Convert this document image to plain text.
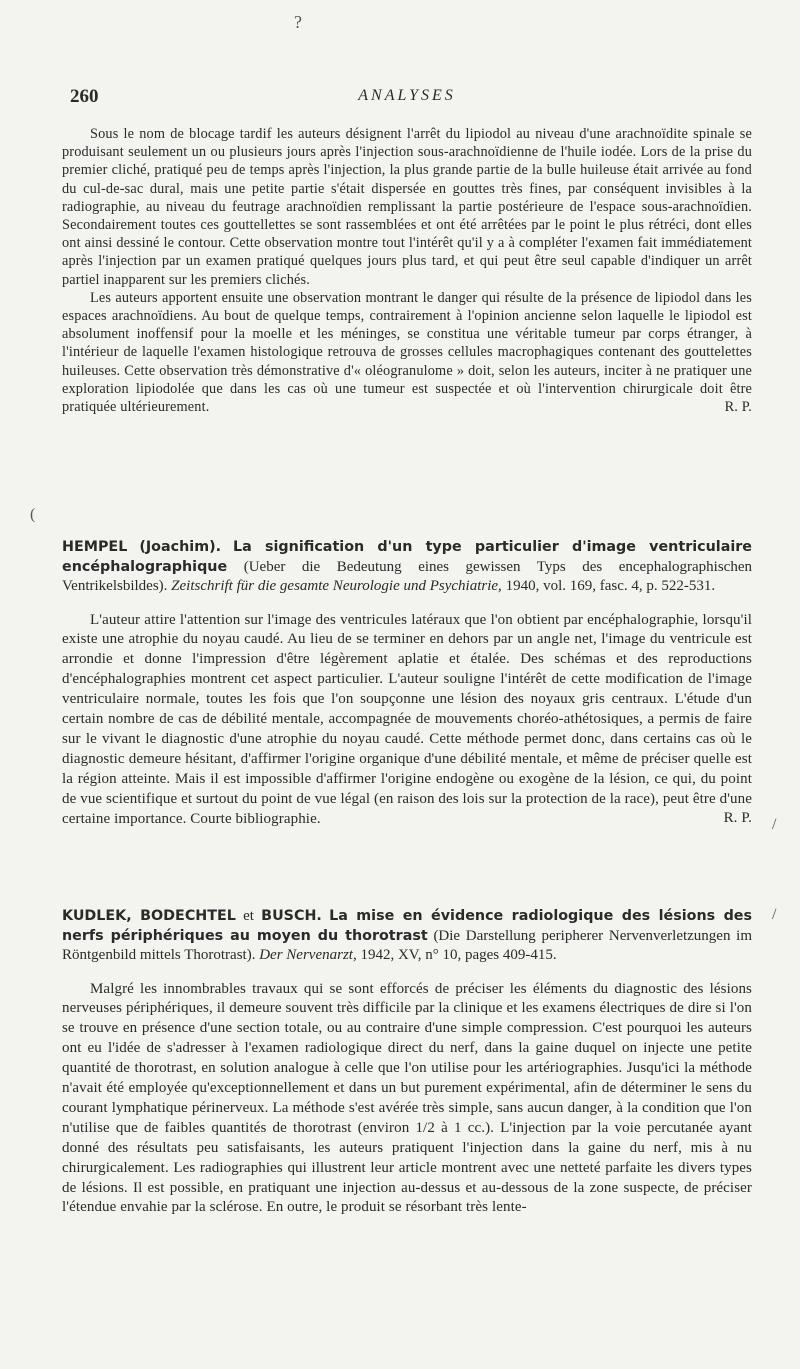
?
260	ANALYSES

Sous le nom de blocage tardif les auteurs désignent l'arrêt du lipiodol au niveau d'une arachnoïdite spinale se produisant seulement un ou plusieurs jours après l'injection sous-arachnoïdienne de l'huile iodée. Lors de la prise du premier cliché, pratiqué peu de temps après l'injection, la plus grande partie de la bulle huileuse était arrivée au fond du cul-de-sac dural, mais une petite partie s'était dispersée en gouttes très fines, par conséquent invisibles à la radiographie, au niveau du feutrage arachnoïdien remplissant la partie postérieure de l'espace sous-arachnoïdien. Secondairement toutes ces gouttellettes se sont rassemblées et ont été arrêtées par le point le plus rétréci, dont elles ont ainsi dessiné le contour. Cette observation montre tout l'intérêt qu'il y a à compléter l'examen fait immédiatement après l'injection par un examen pratiqué quelques jours plus tard, et qui peut être seul capable d'indiquer un arrêt partiel inapparent sur les premiers clichés.

Les auteurs apportent ensuite une observation montrant le danger qui résulte de la présence de lipiodol dans les espaces arachnoïdiens. Au bout de quelque temps, contrairement à l'opinion ancienne selon laquelle le lipiodol est absolument inoffensif pour la moelle et les méninges, se constitua une véritable tumeur par corps étranger, à l'intérieur de laquelle l'examen histologique retrouva de grosses cellules macrophagiques contenant des gouttelettes huileuses. Cette observation très démonstrative d'« oléogranulome » doit, selon les auteurs, inciter à ne pratiquer une exploration lipiodolée que dans les cas où une tumeur est suspectée et où l'intervention chirurgicale doit être pratiquée ultérieurement.	R. P.
HEMPEL (Joachim). La signification d'un type particulier d'image ventriculaire encéphalographique (Ueber die Bedeutung eines gewissen Typs des encephalographischen Ventrikelsbildes). Zeitschrift für die gesamte Neurologie und Psychiatrie, 1940, vol. 169, fasc. 4, p. 522-531.

L'auteur attire l'attention sur l'image des ventricules latéraux que l'on obtient par encéphalographie, lorsqu'il existe une atrophie du noyau caudé. Au lieu de se terminer en dehors par un angle net, l'image du ventricule est arrondie et donne l'impression d'être légèrement aplatie et étalée. Des schémas et des reproductions d'encéphalographies montrent cet aspect particulier. L'auteur souligne l'intérêt de cette modification de l'image ventriculaire normale, toutes les fois que l'on soupçonne une lésion des noyaux gris centraux. L'étude d'un certain nombre de cas de débilité mentale, accompagnée de mouvements choréo-athétosiques, a permis de faire sur le vivant le diagnostic d'une atrophie du noyau caudé. Cette méthode permet donc, dans certains cas où le diagnostic demeure hésitant, d'affirmer l'origine organique d'une débilité mentale, et même de préciser quelle est la région atteinte. Mais il est impossible d'affirmer l'origine endogène ou exogène de la lésion, ce qui, du point de vue scientifique et surtout du point de vue légal (en raison des lois sur la protection de la race), peut être d'une certaine importance. Courte bibliographie.	R. P.
KUDLEK, BODECHTEL et BUSCH. La mise en évidence radiologique des lésions des nerfs périphériques au moyen du thorotrast (Die Darstellung peripherer Nervenverletzungen im Röntgenbild mittels Thorotrast). Der Nervenarzt, 1942, XV, n° 10, pages 409-415.

Malgré les innombrables travaux qui se sont efforcés de préciser les éléments du diagnostic des lésions nerveuses périphériques, il demeure souvent très difficile par la clinique et les examens électriques de dire si l'on se trouve en présence d'une section totale, ou au contraire d'une simple compression. C'est pourquoi les auteurs ont eu l'idée de s'adresser à l'examen radiologique direct du nerf, dans la gaine duquel on injecte une petite quantité de thorotrast, en solution analogue à celle que l'on utilise pour les artériographies. Jusqu'ici la méthode n'avait été employée qu'exceptionnellement et dans un but purement expérimental, afin de déterminer le sens du courant lymphatique périnerveux. La méthode s'est avérée très simple, sans aucun danger, à la condition que l'on n'utilise que de faibles quantités de thorotrast (environ 1/2 à 1 cc.). L'injection par la voie percutanée ayant donné des résultats peu satisfaisants, les auteurs pratiquent l'injection dans la gaine du nerf, mis à nu chirurgicalement. Les radiographies qui illustrent leur article montrent avec une netteté parfaite les divers types de lésions. Il est possible, en pratiquant une injection au-dessus et au-dessous de la zone suspecte, de préciser l'étendue envahie par la sclérose. En outre, le produit se résorbant très lente-

(
/
/
